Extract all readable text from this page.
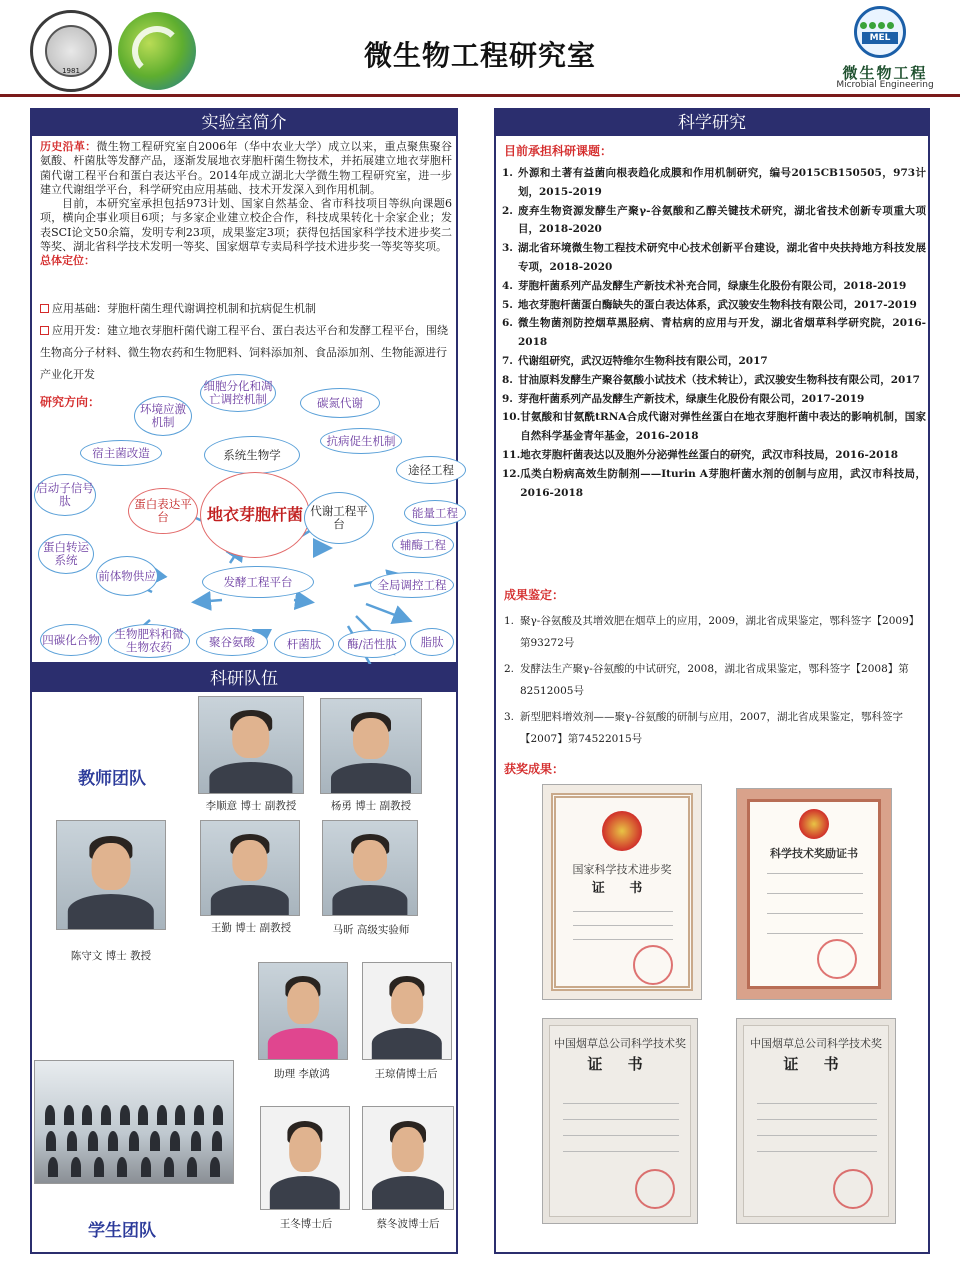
1981	微生物工程研究室
MEL
微生物工程
Microbial Engineering
实验室简介

历史沿革：微生物工程研究室自2006年（华中农业大学）成立以来，重点聚焦聚谷氨酸、杆菌肽等发酵产品，逐渐发展地衣芽胞杆菌生物技术，并拓展建立地衣芽胞杆菌代谢工程平台和蛋白表达平台。2014年成立湖北大学微生物工程研究室，进一步建立代谢组学平台，科学研究由应用基础、技术开发深入到作用机制。

目前，本研究室承担包括973计划、国家自然基金、省市科技项目等纵向课题6项，横向企事业项目6项；与多家企业建立校企合作，科技成果转化十余家企业；发表SCI论文50余篇，发明专利23项，成果鉴定3项；获得包括国家科学技术进步奖二等奖、湖北省科学技术发明一等奖、国家烟草专卖局科学技术进步奖一等奖等奖项。

总体定位：

应用基础：芽胞杆菌生理代谢调控机制和抗病促生机制
应用开发：建立地衣芽胞杆菌代谢工程平台、蛋白表达平台和发酵工程平台，围绕生物高分子材料、微生物农药和生物肥料、饲料添加剂、食品添加剂、生物能源进行产业化开发
研究方向：	环境应激机制
细胞分化和凋亡调控机制	碳氮代谢
抗病促生机制
系统生物学
宿主菌改造
启动子信号肽	蛋白表达平台	地衣芽胞杆菌 代谢工程平台
途径工程
蛋白转运系统
前体物供应
能量工程
辅酶工程
全局调控工程
发酵工程平台
四碳化合物	生物肥料和微生物农药	聚谷氨酸	杆菌肽	酶/活性肽	脂肽
科研队伍
教师团队
学生团队
李顺意 博士 副教授	杨勇 博士 副教授
陈守文 博士 教授
王勤 博士 副教授	马昕 高级实验师
助理 李啟鸿	王琼倩博士后
王冬博士后	蔡冬波博士后
科学研究
目前承担科研课题：
1. 外源和土著有益菌向根表趋化成膜和作用机制研究，编号2015CB150505，973计划，2015-2019
2. 废弃生物资源发酵生产聚γ-谷氨酸和乙醇关键技术研究，湖北省技术创新专项重大项目，2018-2020
3. 湖北省环境微生物工程技术研究中心技术创新平台建设，湖北省中央扶持地方科技发展专项，2018-2020
4. 芽胞杆菌系列产品发酵生产新技术补充合同，绿康生化股份有限公司，2018-2019
5. 地衣芽胞杆菌蛋白酶缺失的蛋白表达体系，武汉骏安生物科技有限公司，2017-2019
6. 微生物菌剂防控烟草黑胫病、青枯病的应用与开发，湖北省烟草科学研究院，2016-2018
7. 代谢组研究，武汉迈特维尔生物科技有限公司，2017
8. 甘油原料发酵生产聚谷氨酸小试技术（技术转让），武汉骏安生物科技有限公司，2017
9. 芽孢杆菌系列产品发酵生产新技术，绿康生化股份有限公司，2017-2019
10. 甘氨酸和甘氨酰tRNA合成代谢对弹性丝蛋白在地衣芽胞杆菌中表达的影响机制，国家自然科学基金青年基金，2016-2018
11. 地衣芽胞杆菌表达以及胞外分泌弹性丝蛋白的研究，武汉市科技局，2016-2018
12. 瓜类白粉病高效生防制剂——Iturin A芽胞杆菌水剂的创制与应用，武汉市科技局，2016-2018
成果鉴定：
1. 聚γ-谷氨酸及其增效肥在烟草上的应用，2009，湖北省成果鉴定，鄂科签字【2009】第93272号
2. 发酵法生产聚γ-谷氨酸的中试研究，2008，湖北省成果鉴定，鄂科签字【2008】第82512005号
3. 新型肥料增效剂——聚γ-谷氨酸的研制与应用，2007，湖北省成果鉴定，鄂科签字【2007】第74522015号
获奖成果：
国家科学技术进步奖
证 书
科学技术奖励证书
中国烟草总公司科学技术奖
证 书
中国烟草总公司科学技术奖
证 书
